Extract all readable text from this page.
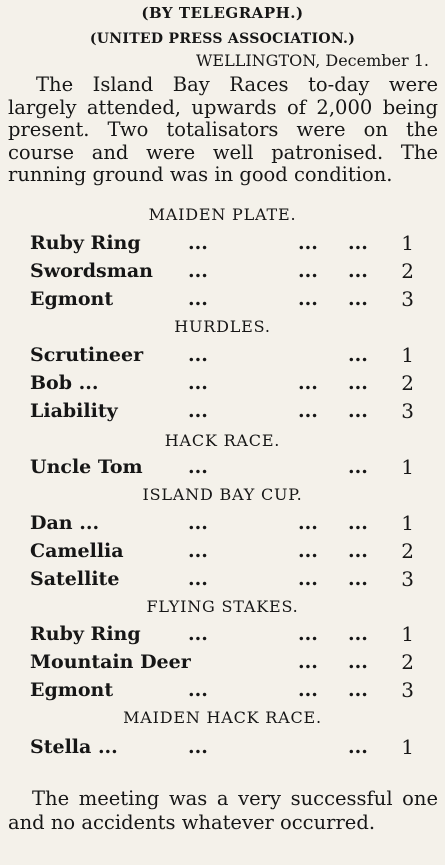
(BY TELEGRAPH.)
(UNITED PRESS ASSOCIATION.)
WELLINGTON, December 1.
The Island Bay Races to-day were largely attended, upwards of 2,000 being present. Two totalisators were on the course and were well patronised. The running ground was in good condition.
MAIDEN PLATE.
Ruby Ring ...	... ... 1
Swordsman ...	... ... 2
Egmont	...	... ... 3
HURDLES.
Scrutineer ...	... 1
Bob ...	...	... ... 2
Liability	...	... ... 3
HACK RACE.
Uncle Tom ...	... 1
ISLAND BAY CUP.
Dan ...	...	... ... 1
Camellia	...	... ... 2
Satellite	...	... ... 3
FLYING STAKES.
Ruby Ring ...	... ... 1
Mountain Deer	... ... 2
Egmont	...	... ... 3
MAIDEN HACK RACE.
Stella ...	...	... 1
The meeting was a very successful one and no accidents whatever occurred.
